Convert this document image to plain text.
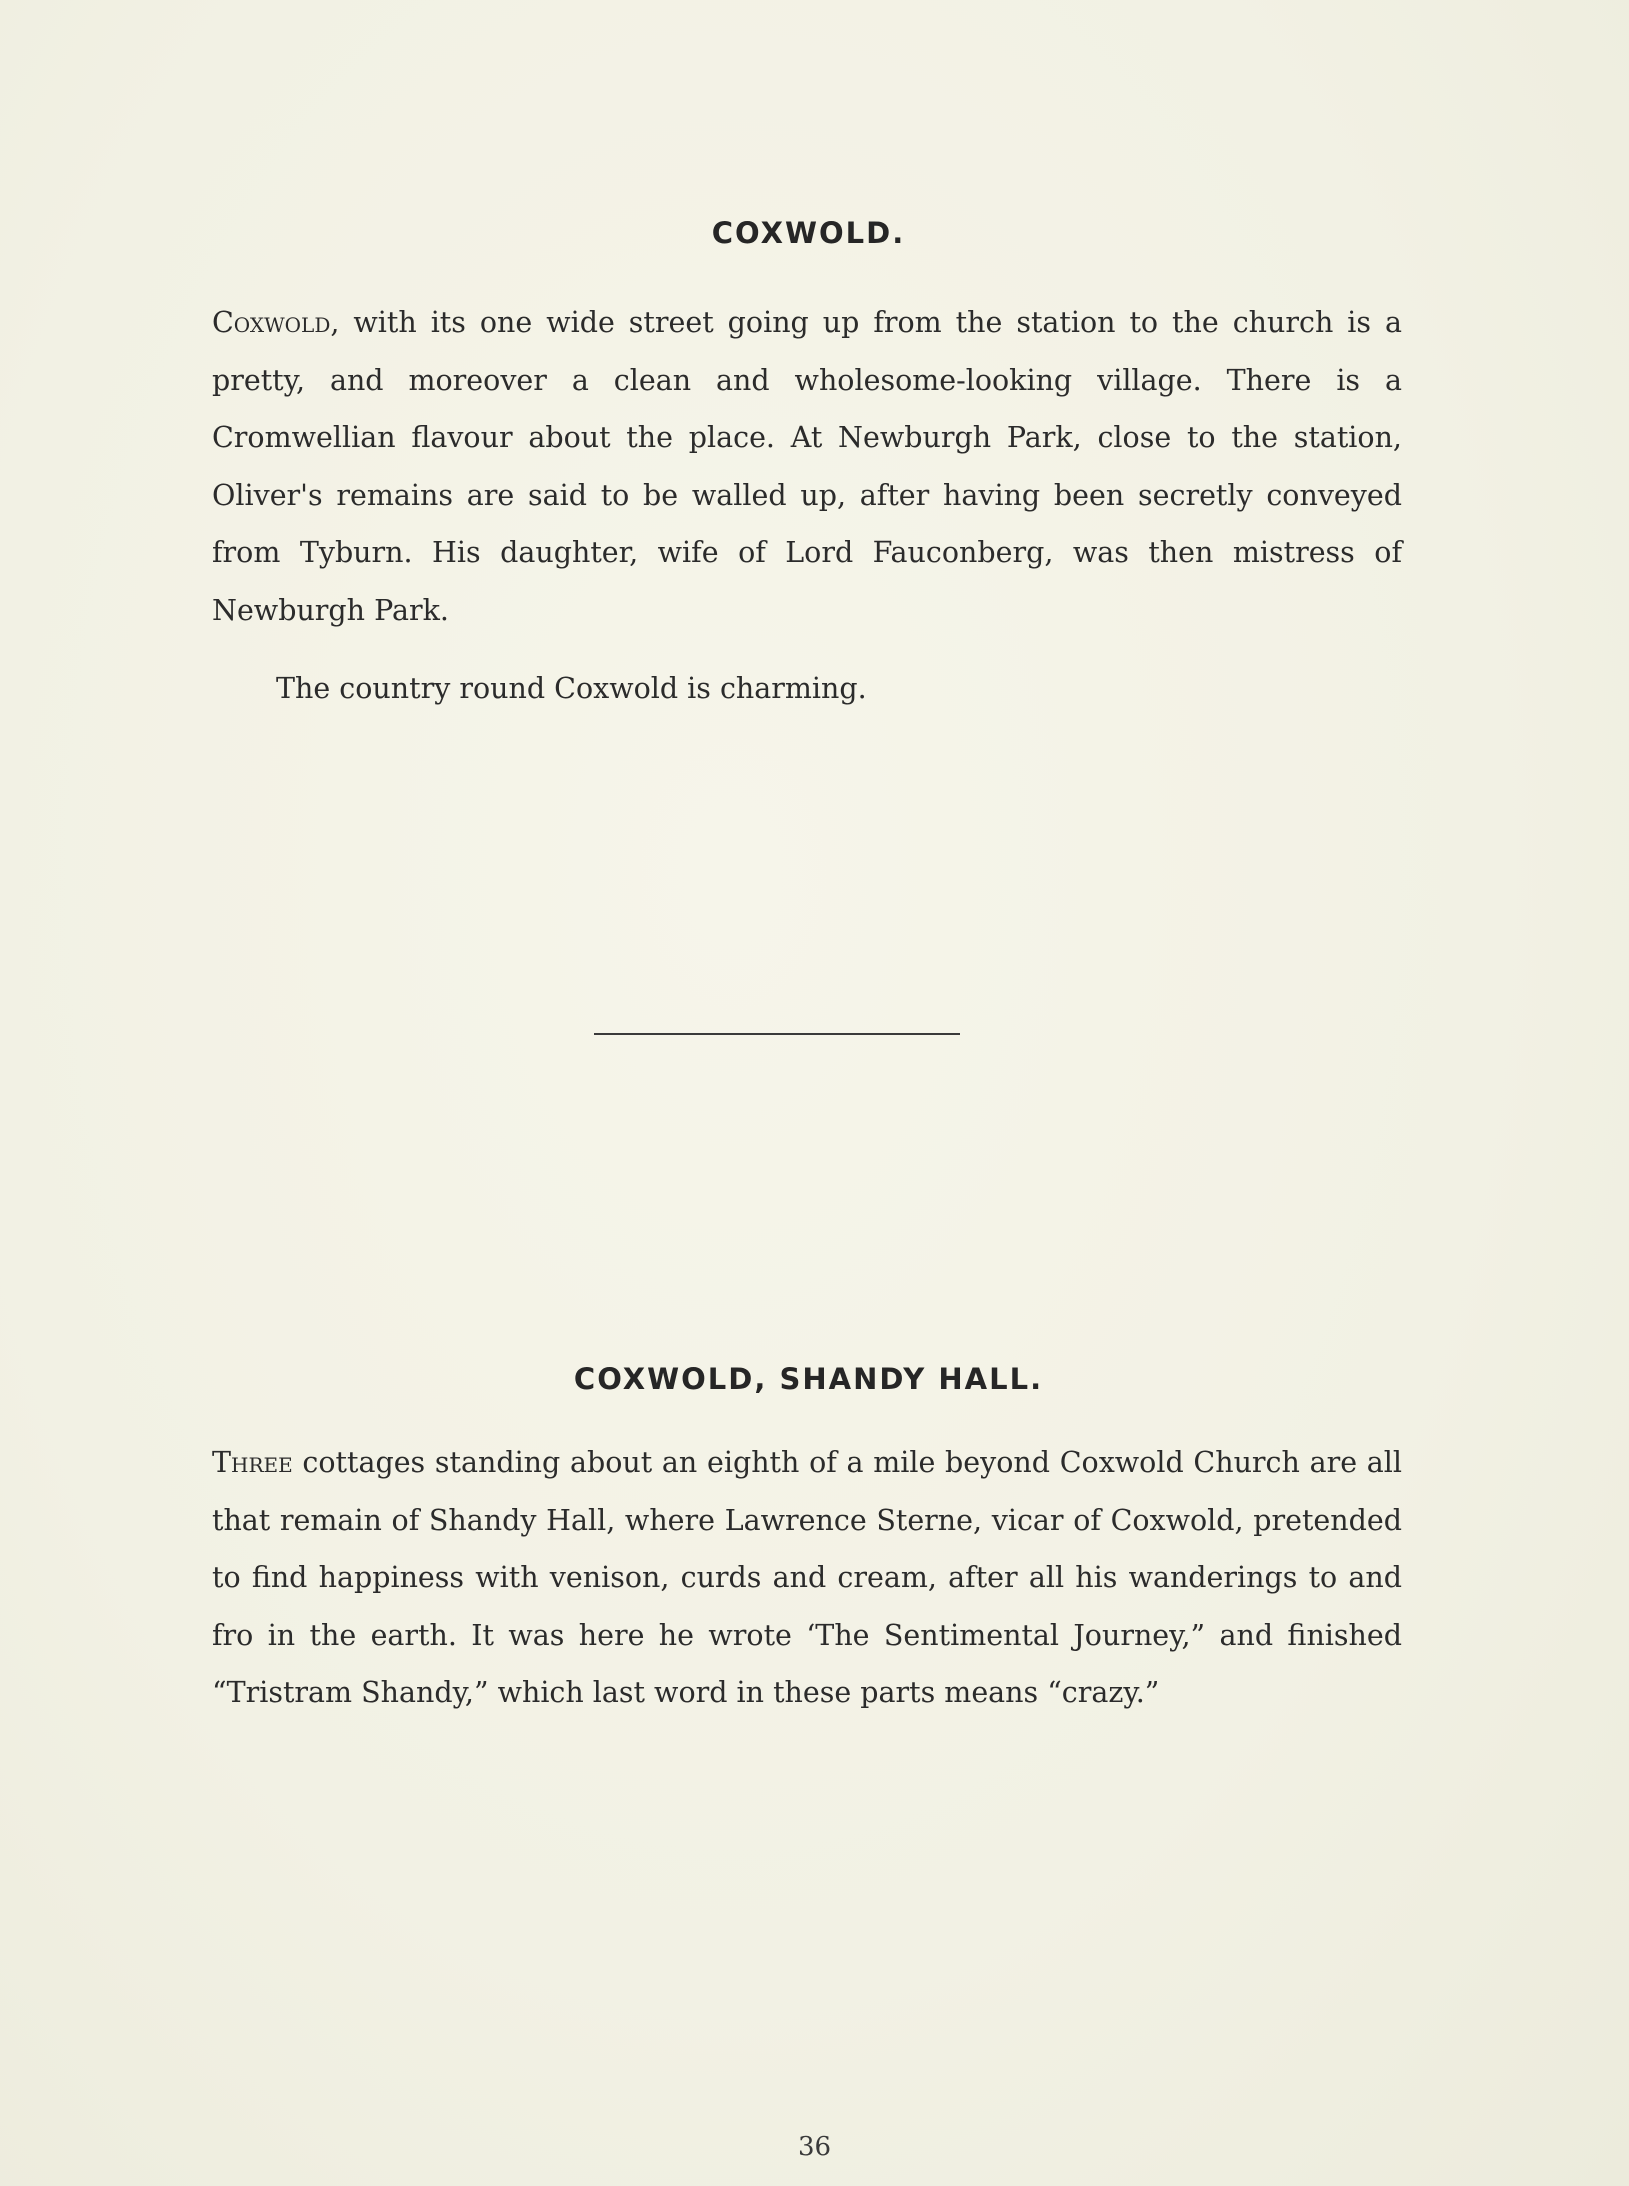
COXWOLD.

Coxwold, with its one wide street going up from the station to the church is a pretty, and moreover a clean and wholesome-looking village. There is a Cromwellian flavour about the place. At Newburgh Park, close to the station, Oliver's remains are said to be walled up, after having been secretly conveyed from Tyburn. His daughter, wife of Lord Fauconberg, was then mistress of Newburgh Park.

The country round Coxwold is charming.

COXWOLD, SHANDY HALL.

Three cottages standing about an eighth of a mile beyond Coxwold Church are all that remain of Shandy Hall, where Lawrence Sterne, vicar of Coxwold, pretended to find happiness with venison, curds and cream, after all his wanderings to and fro in the earth. It was here he wrote ‘The Sentimental Journey,” and finished “Tristram Shandy,” which last word in these parts means “crazy.”

36
